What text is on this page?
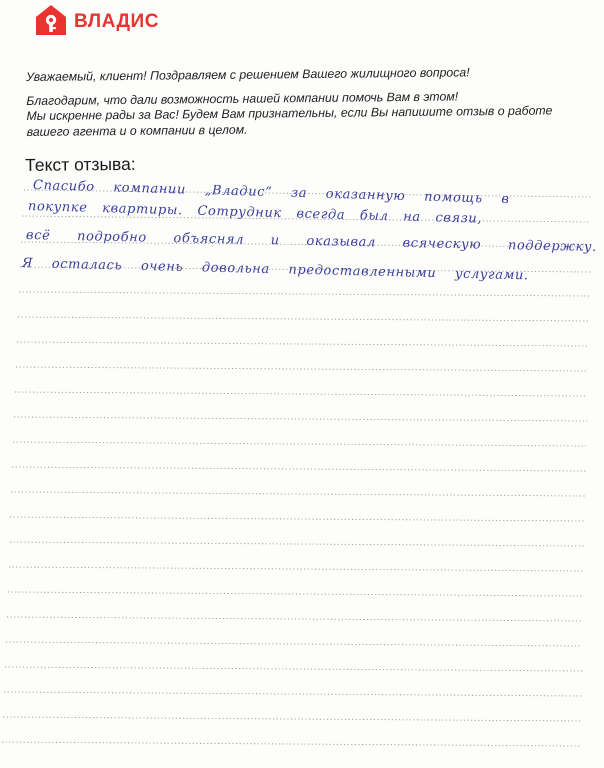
ВЛАДИС

Уважаемый, клиент! Поздравляем с решением Вашего жилищного вопроса!

Благодарим, что дали возможность нашей компании помочь Вам в этом!
Мы искренне рады за Вас! Будем Вам признательны, если Вы напишите отзыв о работе
вашего агента и о компании в целом.

Текст отзыва:
Спасибо компании „Владис” за оказанную помощь в
покупке квартиры. Сотрудник всегда был на связи,
всё подробно объяснял и оказывал всяческую поддержку.
Я осталась очень довольна предоставленными услугами.
